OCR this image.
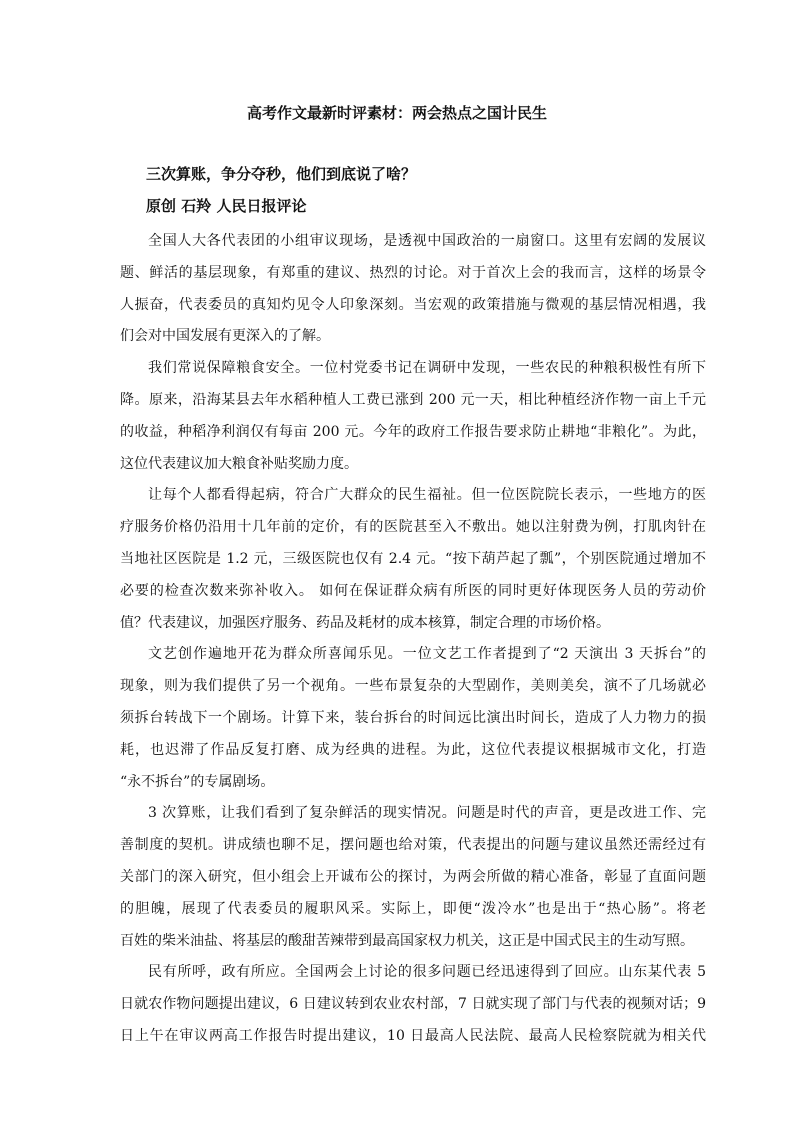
高考作文最新时评素材：两会热点之国计民生
三次算账，争分夺秒，他们到底说了啥？
原创 石羚 人民日报评论
全国人大各代表团的小组审议现场，是透视中国政治的一扇窗口。这里有宏阔的发展议
题、鲜活的基层现象，有郑重的建议、热烈的讨论。对于首次上会的我而言，这样的场景令
人振奋，代表委员的真知灼见令人印象深刻。当宏观的政策措施与微观的基层情况相遇，我
们会对中国发展有更深入的了解。
我们常说保障粮食安全。一位村党委书记在调研中发现，一些农民的种粮积极性有所下
降。原来，沿海某县去年水稻种植人工费已涨到 200 元一天，相比种植经济作物一亩上千元
的收益，种稻净利润仅有每亩 200 元。今年的政府工作报告要求防止耕地“非粮化”。为此，
这位代表建议加大粮食补贴奖励力度。
让每个人都看得起病，符合广大群众的民生福祉。但一位医院院长表示，一些地方的医
疗服务价格仍沿用十几年前的定价，有的医院甚至入不敷出。她以注射费为例，打肌肉针在
当地社区医院是 1.2 元，三级医院也仅有 2.4 元。“按下葫芦起了瓢”，个别医院通过增加不
必要的检查次数来弥补收入。 如何在保证群众病有所医的同时更好体现医务人员的劳动价
值？代表建议，加强医疗服务、药品及耗材的成本核算，制定合理的市场价格。
文艺创作遍地开花为群众所喜闻乐见。一位文艺工作者提到了“2 天演出 3 天拆台”的
现象，则为我们提供了另一个视角。一些布景复杂的大型剧作，美则美矣，演不了几场就必
须拆台转战下一个剧场。计算下来，装台拆台的时间远比演出时间长，造成了人力物力的损
耗，也迟滞了作品反复打磨、成为经典的进程。为此，这位代表提议根据城市文化，打造
“永不拆台”的专属剧场。
3 次算账，让我们看到了复杂鲜活的现实情况。问题是时代的声音，更是改进工作、完
善制度的契机。讲成绩也聊不足，摆问题也给对策，代表提出的问题与建议虽然还需经过有
关部门的深入研究，但小组会上开诚布公的探讨，为两会所做的精心准备，彰显了直面问题
的胆魄，展现了代表委员的履职风采。实际上，即便“泼冷水”也是出于“热心肠”。将老
百姓的柴米油盐、将基层的酸甜苦辣带到最高国家权力机关，这正是中国式民主的生动写照。
民有所呼，政有所应。全国两会上讨论的很多问题已经迅速得到了回应。山东某代表 5
日就农作物问题提出建议，6 日建议转到农业农村部，7 日就实现了部门与代表的视频对话；9
日上午在审议两高工作报告时提出建议，10 日最高人民法院、最高人民检察院就为相关代
